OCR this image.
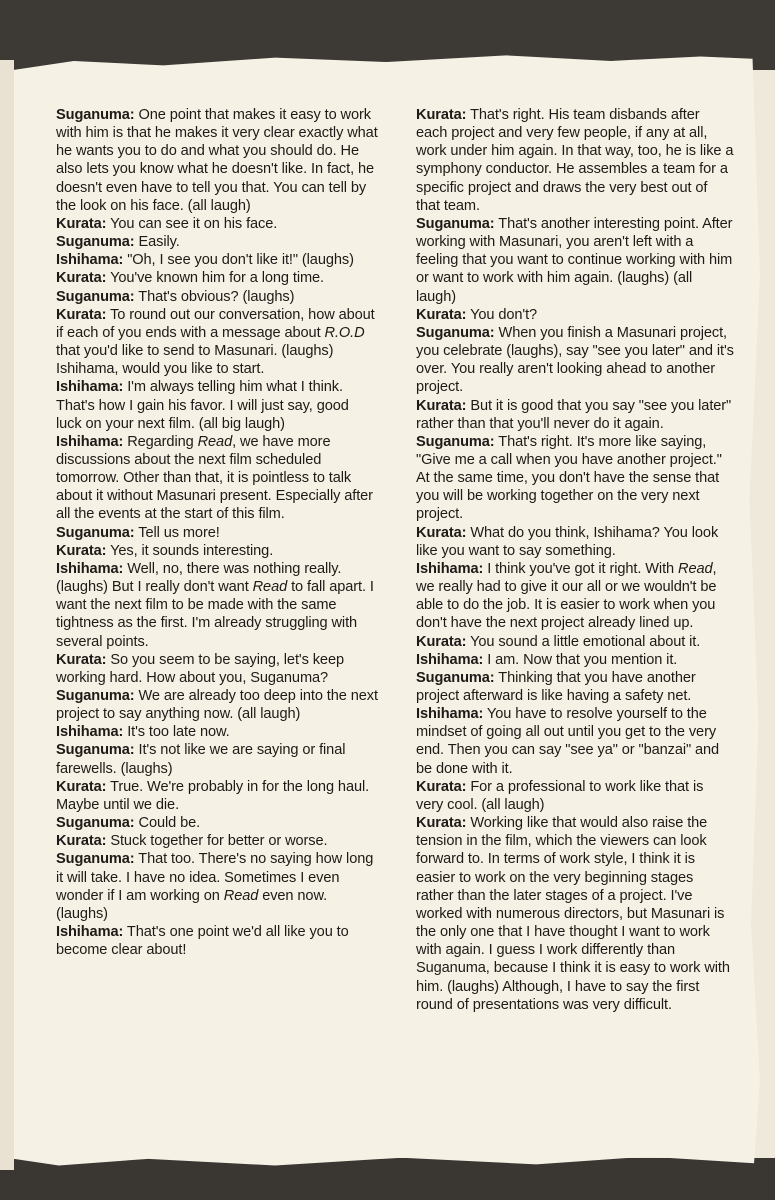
Suganuma: One point that makes it easy to work with him is that he makes it very clear exactly what he wants you to do and what you should do. He also lets you know what he doesn't like. In fact, he doesn't even have to tell you that. You can tell by the look on his face. (all laugh)

Kurata: You can see it on his face.

Suganuma: Easily.

Ishihama: "Oh, I see you don't like it!" (laughs)

Kurata: You've known him for a long time.

Suganuma: That's obvious? (laughs)

Kurata: To round out our conversation, how about if each of you ends with a message about R.O.D that you'd like to send to Masunari. (laughs) Ishihama, would you like to start.

Ishihama: I'm always telling him what I think. That's how I gain his favor. I will just say, good luck on your next film. (all big laugh)

Ishihama: Regarding Read, we have more discussions about the next film scheduled tomorrow. Other than that, it is pointless to talk about it without Masunari present. Especially after all the events at the start of this film.

Suganuma: Tell us more!

Kurata: Yes, it sounds interesting.

Ishihama: Well, no, there was nothing really. (laughs) But I really don't want Read to fall apart. I want the next film to be made with the same tightness as the first. I'm already struggling with several points.

Kurata: So you seem to be saying, let's keep working hard. How about you, Suganuma?

Suganuma: We are already too deep into the next project to say anything now. (all laugh)

Ishihama: It's too late now.

Suganuma: It's not like we are saying or final farewells. (laughs)

Kurata: True. We're probably in for the long haul. Maybe until we die.

Suganuma: Could be.

Kurata: Stuck together for better or worse.

Suganuma: That too. There's no saying how long it will take. I have no idea. Sometimes I even wonder if I am working on Read even now. (laughs)

Ishihama: That's one point we'd all like you to become clear about!

Kurata: That's right. His team disbands after each project and very few people, if any at all, work under him again. In that way, too, he is like a symphony conductor. He assembles a team for a specific project and draws the very best out of that team.

Suganuma: That's another interesting point. After working with Masunari, you aren't left with a feeling that you want to continue working with him or want to work with him again. (laughs) (all laugh)

Kurata: You don't?

Suganuma: When you finish a Masunari project, you celebrate (laughs), say "see you later" and it's over. You really aren't looking ahead to another project.

Kurata: But it is good that you say "see you later" rather than that you'll never do it again.

Suganuma: That's right. It's more like saying, "Give me a call when you have another project." At the same time, you don't have the sense that you will be working together on the very next project.

Kurata: What do you think, Ishihama? You look like you want to say something.

Ishihama: I think you've got it right. With Read, we really had to give it our all or we wouldn't be able to do the job. It is easier to work when you don't have the next project already lined up.

Kurata: You sound a little emotional about it.

Ishihama: I am. Now that you mention it.

Suganuma: Thinking that you have another project afterward is like having a safety net.

Ishihama: You have to resolve yourself to the mindset of going all out until you get to the very end. Then you can say "see ya" or "banzai" and be done with it.

Kurata: For a professional to work like that is very cool. (all laugh)

Kurata: Working like that would also raise the tension in the film, which the viewers can look forward to. In terms of work style, I think it is easier to work on the very beginning stages rather than the later stages of a project. I've worked with numerous directors, but Masunari is the only one that I have thought I want to work with again. I guess I work differently than Suganuma, because I think it is easy to work with him. (laughs) Although, I have to say the first round of presentations was very difficult.
